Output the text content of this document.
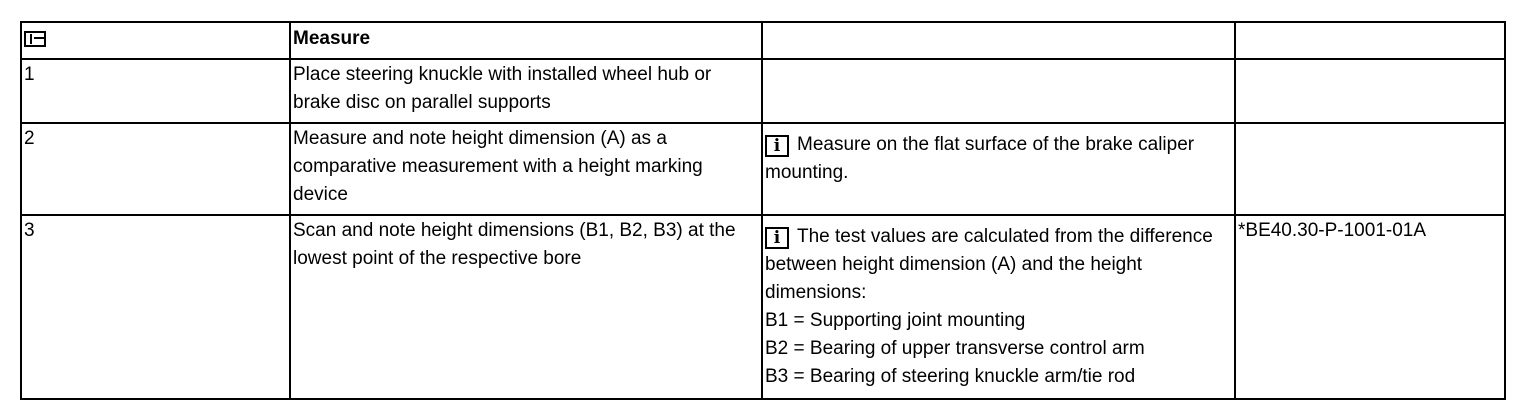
	Measure		
1	Place steering knuckle with installed wheel hub or brake disc on parallel supports		
2	Measure and note height dimension (A) as a comparative measurement with a height marking device	i Measure on the flat surface of the brake caliper mounting.	

3	Scan and note height dimensions (B1, B2, B3) at the lowest point of the respective bore	i The test values are calculated from the difference between height dimension (A) and the height dimensions:
B1 = Supporting joint mounting
B2 = Bearing of upper transverse control arm
B3 = Bearing of steering knuckle arm/tie rod	*BE40.30-P-1001-01A
